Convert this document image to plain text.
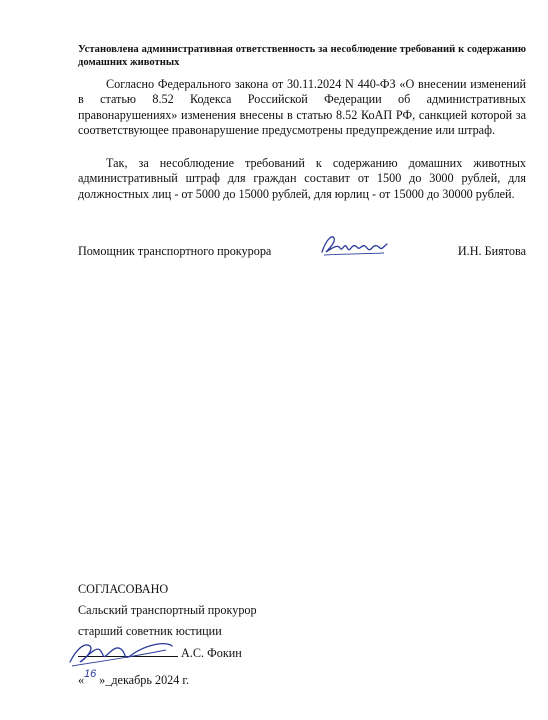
Установлена административная ответственность за несоблюдение требований к содержанию домашних животных

Согласно Федерального закона от 30.11.2024 N 440-ФЗ «О внесении изменений в статью 8.52 Кодекса Российской Федерации об административных правонарушениях» изменения внесены в статью 8.52 КоАП РФ, санкцией которой за соответствующее правонарушение предусмотрены предупреждение или штраф.

Так, за несоблюдение требований к содержанию домашних животных административный штраф для граждан составит от 1500 до 3000 рублей, для должностных лиц - от 5000 до 15000 рублей, для юрлиц - от 15000 до 30000 рублей.

Помощник транспортного прокурора	И.Н. Биятова
СОГЛАСОВАНО
Сальский транспортный прокурор
старший советник юстиции
А.С. Фокин
« »_декабрь 2024 г.
16
